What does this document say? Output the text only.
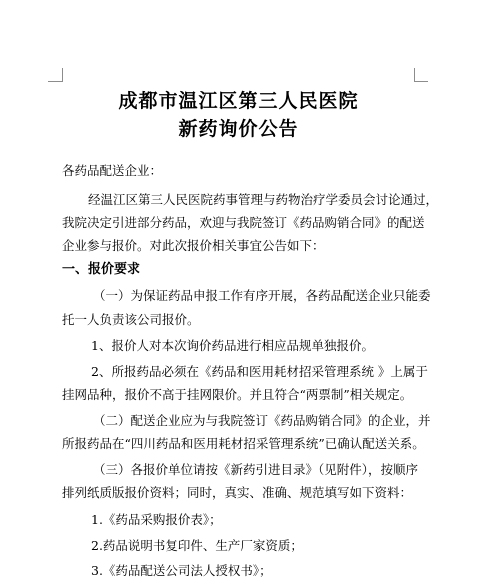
成都市温江区第三人民医院
新药询价公告
各药品配送企业：
经温江区第三人民医院药事管理与药物治疗学委员会讨论通过，
我院决定引进部分药品，欢迎与我院签订《药品购销合同》的配送
企业参与报价。对此次报价相关事宜公告如下：
一、报价要求
（一）为保证药品申报工作有序开展，各药品配送企业只能委
托一人负责该公司报价。
1、报价人对本次询价药品进行相应品规单独报价。
2、所报药品必须在《药品和医用耗材招采管理系统 》上属于
挂网品种，报价不高于挂网限价。并且符合“两票制”相关规定。
（二）配送企业应为与我院签订《药品购销合同》的企业，并
所报药品在“四川药品和医用耗材招采管理系统”已确认配送关系。
（三）各报价单位请按《新药引进目录》（见附件），按顺序
排列纸质版报价资料；同时，真实、准确、规范填写如下资料：
1.《药品采购报价表》；
2.药品说明书复印件、生产厂家资质；
3.《药品配送公司法人授权书》；
